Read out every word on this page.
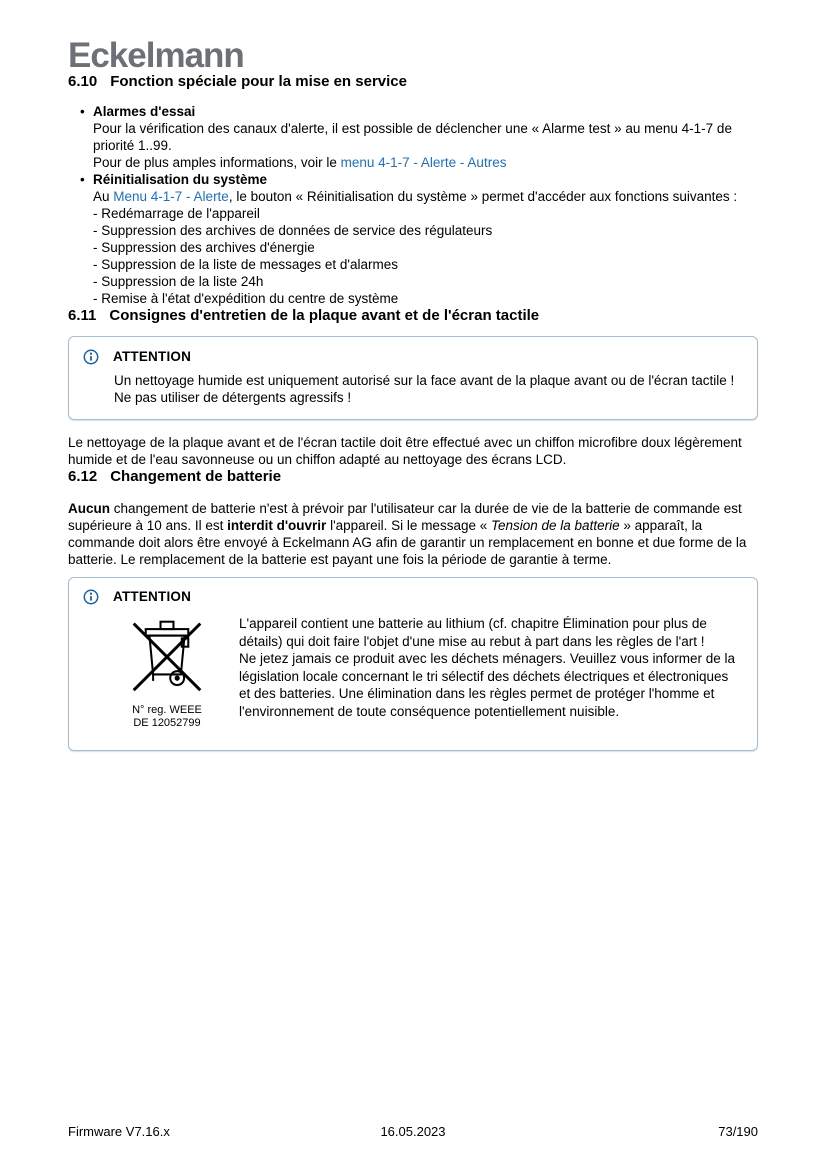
Eckelmann
6.10 Fonction spéciale pour la mise en service
• Alarmes d'essai
Pour la vérification des canaux d'alerte, il est possible de déclencher une « Alarme test » au menu 4-1-7 de priorité 1..99.
Pour de plus amples informations, voir le menu 4-1-7 - Alerte - Autres
• Réinitialisation du système
Au Menu 4-1-7 - Alerte, le bouton « Réinitialisation du système » permet d'accéder aux fonctions suivantes :
- Redémarrage de l'appareil
- Suppression des archives de données de service des régulateurs
- Suppression des archives d'énergie
- Suppression de la liste de messages et d'alarmes
- Suppression de la liste 24h
- Remise à l'état d'expédition du centre de système
6.11 Consignes d'entretien de la plaque avant et de l'écran tactile
ATTENTION
Un nettoyage humide est uniquement autorisé sur la face avant de la plaque avant ou de l'écran tactile ! Ne pas utiliser de détergents agressifs !

Le nettoyage de la plaque avant et de l'écran tactile doit être effectué avec un chiffon microfibre doux légèrement humide et de l'eau savonneuse ou un chiffon adapté au nettoyage des écrans LCD.

6.12 Changement de batterie

Aucun changement de batterie n'est à prévoir par l'utilisateur car la durée de vie de la batterie de commande est supérieure à 10 ans. Il est interdit d'ouvrir l'appareil. Si le message « Tension de la batterie » apparaît, la commande doit alors être envoyé à Eckelmann AG afin de garantir un remplacement en bonne et due forme de la batterie. Le remplacement de la batterie est payant une fois la période de garantie à terme.

ATTENTION
N° reg. WEEE
DE 12052799

L'appareil contient une batterie au lithium (cf. chapitre Élimination pour plus de détails) qui doit faire l'objet d'une mise au rebut à part dans les règles de l'art !

Ne jetez jamais ce produit avec les déchets ménagers. Veuillez vous informer de la législation locale concernant le tri sélectif des déchets électriques et électroniques et des batteries. Une élimination dans les règles permet de protéger l'homme et l'environnement de toute conséquence potentiellement nuisible.

Firmware V7.16.x	16.05.2023	73/190
